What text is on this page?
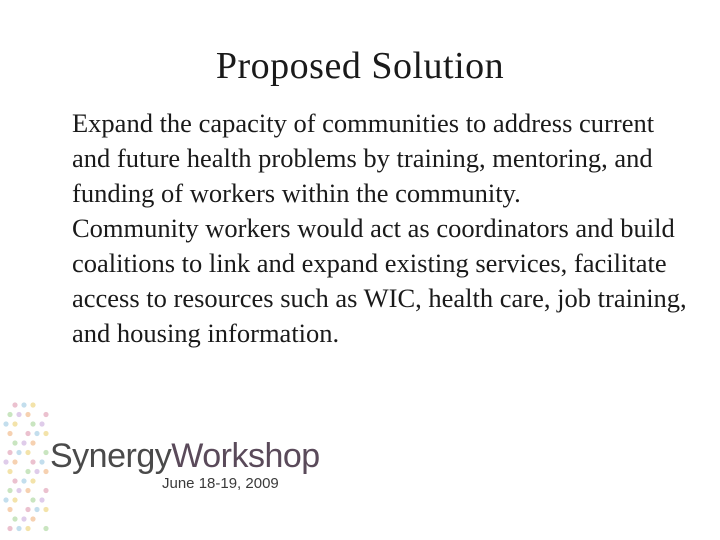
Proposed Solution

Expand the capacity of communities to address current and future health problems by training, mentoring, and funding of workers within the community.

Community workers would act as coordinators and build coalitions to link and expand existing services, facilitate access to resources such as WIC, health care, job training, and housing information.

SynergyWorkshop
June 18-19, 2009
